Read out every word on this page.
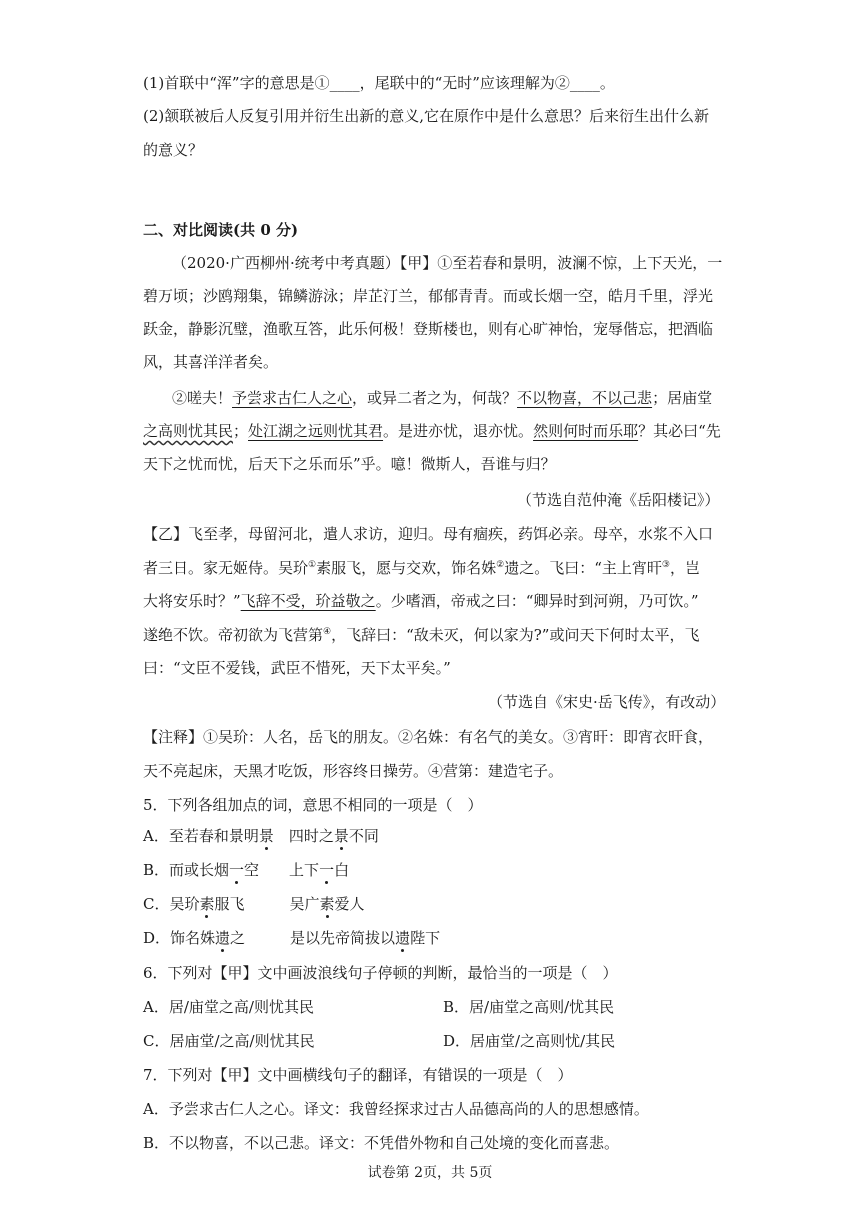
(1)首联中“浑”字的意思是①____，尾联中的“无时”应该理解为②____。
(2)颔联被后人反复引用并衍生出新的意义,它在原作中是什么意思？后来衍生出什么新
的意义？
二、对比阅读(共 0 分)
（2020·广西柳州·统考中考真题）【甲】①至若春和景明，波澜不惊，上下天光，一
碧万顷；沙鸥翔集，锦鳞游泳；岸芷汀兰，郁郁青青。而或长烟一空，皓月千里，浮光
跃金，静影沉璧，渔歌互答，此乐何极！登斯楼也，则有心旷神怡，宠辱偕忘，把酒临
风，其喜洋洋者矣。
②嗟夫！予尝求古仁人之心，或异二者之为，何哉？不以物喜，不以己悲；居庙堂
之高则忧其民；处江湖之远则忧其君。是进亦忧，退亦忧。然则何时而乐耶？其必曰“先
天下之忧而忧，后天下之乐而乐”乎。噫！微斯人，吾谁与归？
（节选自范仲淹《岳阳楼记》）
【乙】飞至孝，母留河北，遣人求访，迎归。母有痼疾，药饵必亲。母卒，水浆不入口
者三日。家无姬侍。吴玠①素服飞，愿与交欢，饰名姝②遗之。飞曰：“主上宵旰③，岂
大将安乐时？”飞辞不受，玠益敬之。少嗜酒，帝戒之曰：“卿异时到河朔，乃可饮。”
遂绝不饮。帝初欲为飞营第④，飞辞曰：“敌未灭，何以家为?”或问天下何时太平，飞
曰：“文臣不爱钱，武臣不惜死，天下太平矣。”
（节选自《宋史·岳飞传》，有改动）
【注释】①吴玠：人名，岳飞的朋友。②名姝：有名气的美女。③宵旰：即宵衣旰食，
天不亮起床，天黑才吃饭，形容终日操劳。④营第：建造宅子。
5．下列各组加点的词，意思不相同的一项是（　）
A．至若春和景明景　四时之景不同
B．而或长烟一空　　上下一白
C．吴玠素服飞　　　吴广素爱人
D．饰名姝遗之　　　是以先帝简拔以遗陛下
6．下列对【甲】文中画波浪线句子停顿的判断，最恰当的一项是（　）
A．居/庙堂之高/则忧其民	B．居/庙堂之高则/忧其民
C．居庙堂/之高/则忧其民	D．居庙堂/之高则忧/其民
7．下列对【甲】文中画横线句子的翻译，有错误的一项是（　）
A．予尝求古仁人之心。译文：我曾经探求过古人品德高尚的人的思想感情。
B．不以物喜，不以己悲。译文：不凭借外物和自己处境的变化而喜悲。
试卷第 2页，共 5页
